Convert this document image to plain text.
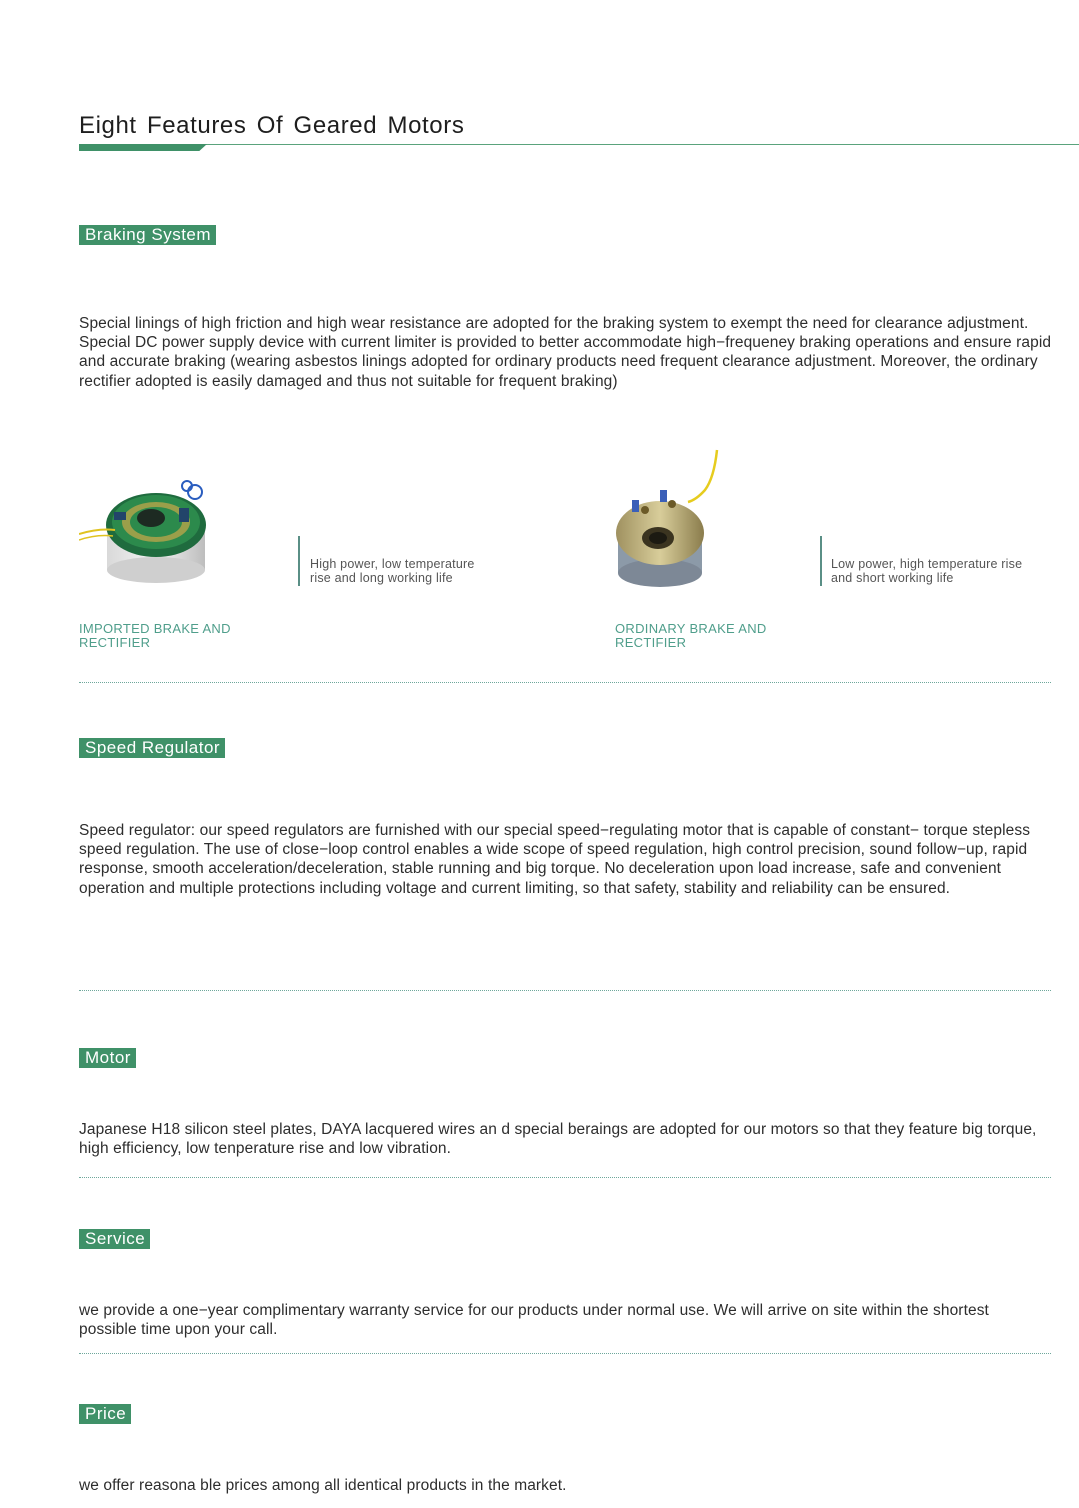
Eight Features Of Geared Motors
Braking System
Special linings of high friction and high wear resistance are adopted for the braking system to exempt the need for clearance adjustment. Special DC power supply device with current limiter is provided to better accommodate high−frequeney braking operations and ensure rapid and accurate braking (wearing asbestos linings adopted for ordinary products need frequent clearance adjustment. Moreover, the ordinary rectifier adopted is easily damaged and thus not suitable for frequent braking)
High power, low temperature
rise and long working life
IMPORTED BRAKE AND
RECTIFIER
Low power, high temperature rise
and short working life
ORDINARY BRAKE AND
RECTIFIER
Speed Regulator
Speed regulator: our speed regulators are furnished with our special speed−regulating motor that is capable of constant− torque stepless speed regulation. The use of close−loop control enables a wide scope of speed regulation, high control precision, sound follow−up, rapid response, smooth acceleration/deceleration, stable running and big torque. No deceleration upon load increase, safe and convenient operation and multiple protections including voltage and current limiting, so that safety, stability and reliability can be ensured.
Motor
Japanese H18 silicon steel plates, DAYA lacquered wires an d special beraings are adopted for our motors so that they feature big torque, high efficiency, low tenperature rise and low vibration.
Service
we provide a one−year complimentary warranty service for our products under normal use. We will arrive on site within the shortest possible time upon your call.
Price
we offer reasona ble prices among all identical products in the market.
